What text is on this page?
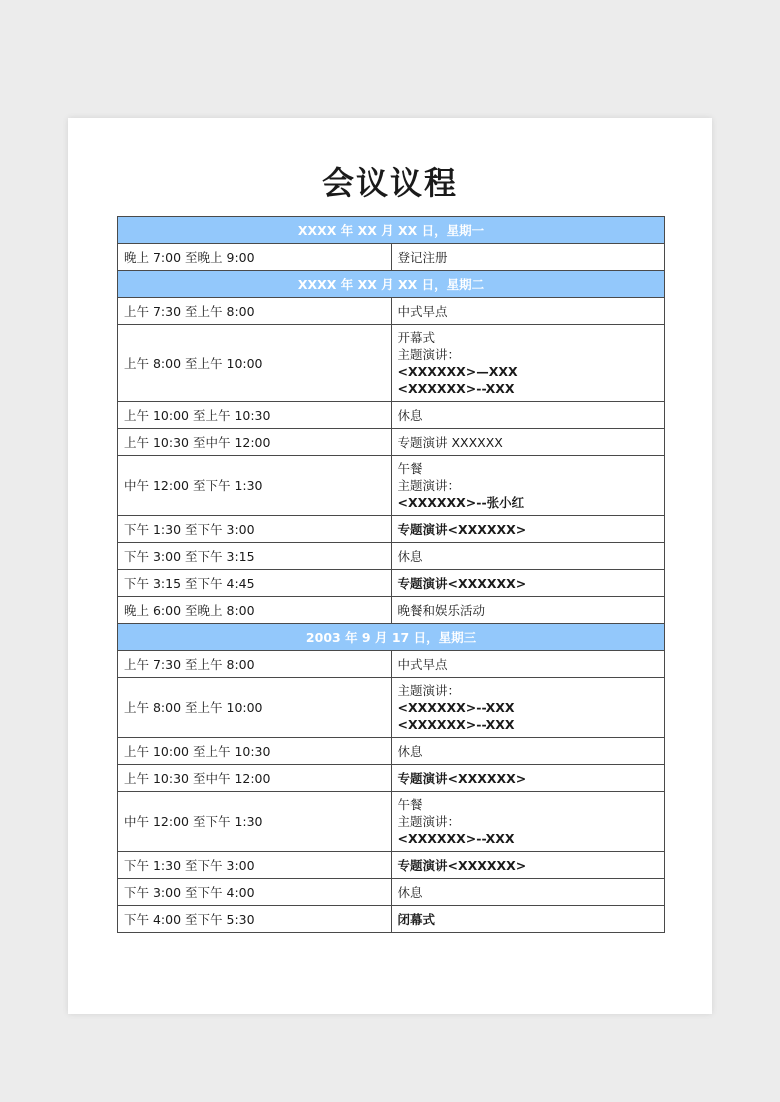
会议议程
XXXX 年 XX 月 XX 日，星期一	
晚上 7:00 至晚上 9:00	登记注册

XXXX 年 XX 月 XX 日，星期二	
上午 7:30 至上午 8:00	中式早点

上午 8:00 至上午 10:00	开幕式
主题演讲：
<XXXXXX>—XXX
<XXXXXX>--XXX

上午 10:00 至上午 10:30	休息

上午 10:30 至中午 12:00	专题演讲 XXXXXX

中午 12:00 至下午 1:30	午餐
主题演讲：
<XXXXXX>--张小红

下午 1:30 至下午 3:00	专题演讲<XXXXXX>

下午 3:00 至下午 3:15	休息

下午 3:15 至下午 4:45	专题演讲<XXXXXX>

晚上 6:00 至晚上 8:00	晚餐和娱乐活动

2003 年 9 月 17 日，星期三	
上午 7:30 至上午 8:00	中式早点

上午 8:00 至上午 10:00	主题演讲：
<XXXXXX>--XXX
<XXXXXX>--XXX

上午 10:00 至上午 10:30	休息

上午 10:30 至中午 12:00	专题演讲<XXXXXX>

中午 12:00 至下午 1:30	午餐
主题演讲：
<XXXXXX>--XXX

下午 1:30 至下午 3:00	专题演讲<XXXXXX>

下午 3:00 至下午 4:00	休息

下午 4:00 至下午 5:30	闭幕式
